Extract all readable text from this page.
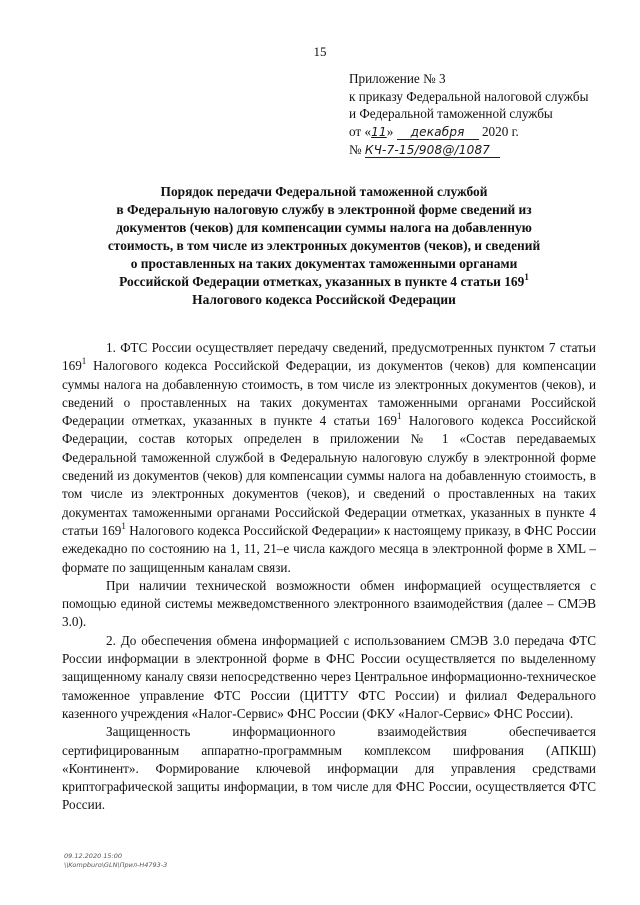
15
Приложение № 3
к приказу Федеральной налоговой службы
и Федеральной таможенной службы
от «11» декабря 2020 г.
№ КЧ-7-15/908@/1087
Порядок передачи Федеральной таможенной службой
в Федеральную налоговую службу в электронной форме сведений из
документов (чеков) для компенсации суммы налога на добавленную
стоимость, в том числе из электронных документов (чеков), и сведений
о проставленных на таких документах таможенными органами
Российской Федерации отметках, указанных в пункте 4 статьи $169^1$
Налогового кодекса Российской Федерации

1. ФТС России осуществляет передачу сведений, предусмотренных пунктом 7 статьи $169^1$ Налогового кодекса Российской Федерации, из документов (чеков) для компенсации суммы налога на добавленную стоимость, в том числе из электронных документов (чеков), и сведений о проставленных на таких документах таможенными органами Российской Федерации отметках, указанных в пункте 4 статьи $169^1$ Налогового кодекса Российской Федерации, состав которых определен в приложении № 1 «Состав передаваемых Федеральной таможенной службой в Федеральную налоговую службу в электронной форме сведений из документов (чеков) для компенсации суммы налога на добавленную стоимость, в том числе из электронных документов (чеков), и сведений о проставленных на таких документах таможенными органами Российской Федерации отметках, указанных в пункте 4 статьи $169^1$ Налогового кодекса Российской Федерации» к настоящему приказу, в ФНС России ежедекадно по состоянию на 1, 11, 21–е числа каждого месяца в электронной форме в XML – формате по защищенным каналам связи.

При наличии технической возможности обмен информацией осуществляется с помощью единой системы межведомственного электронного взаимодействия (далее – СМЭВ 3.0).

2. До обеспечения обмена информацией с использованием СМЭВ 3.0 передача ФТС России информации в электронной форме в ФНС России осуществляется по выделенному защищенному каналу связи непосредственно через Центральное информационно-техническое таможенное управление ФТС России (ЦИТТУ ФТС России) и филиал Федерального казенного учреждения «Налог-Сервис» ФНС России (ФКУ «Налог-Сервис» ФНС России).

Защищенность информационного взаимодействия обеспечивается сертифицированным аппаратно-программным комплексом шифрования (АПКШ) «Континент». Формирование ключевой информации для управления средствами криптографической защиты информации, в том числе для ФНС России, осуществляется ФТС России.

09.12.2020 15:00
\\Kompburo\GLN\Прил-Н4793-3
